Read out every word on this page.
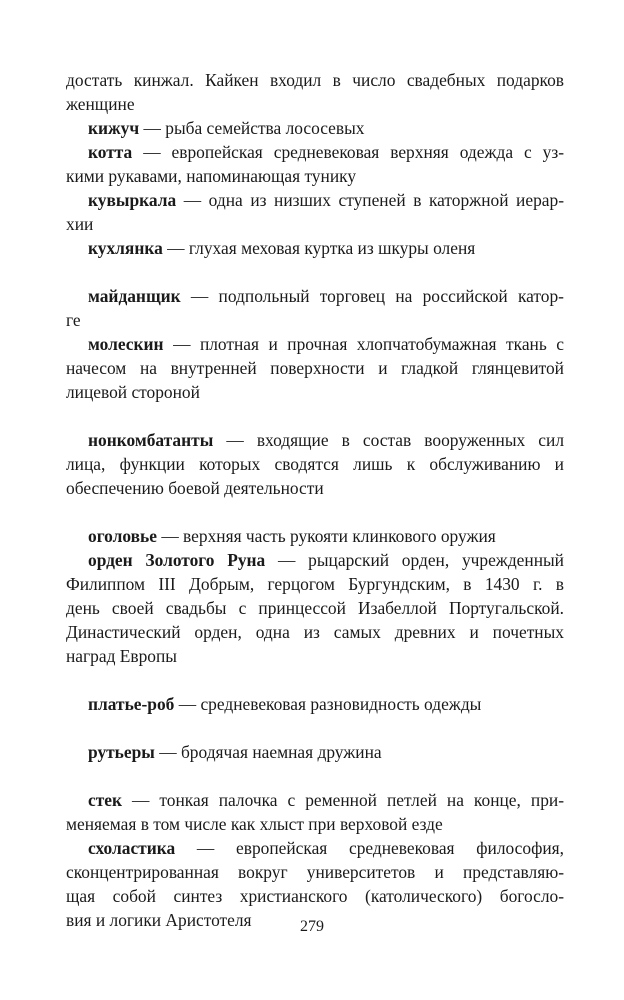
достать кинжал. Кайкен входил в число свадебных подарков
женщине
кижуч — рыба семейства лососевых
котта — европейская средневековая верхняя одежда с уз-
кими рукавами, напоминающая тунику
кувыркала — одна из низших ступеней в каторжной иерар-
хии
кухлянка — глухая меховая куртка из шкуры оленя
майданщик — подпольный торговец на российской катор-
ге
молескин — плотная и прочная хлопчатобумажная ткань с
начесом на внутренней поверхности и гладкой глянцевитой
лицевой стороной
нонкомбатанты — входящие в состав вооруженных сил
лица, функции которых сводятся лишь к обслуживанию и
обеспечению боевой деятельности
оголовье — верхняя часть рукояти клинкового оружия
орден Золотого Руна — рыцарский орден, учрежденный
Филиппом III Добрым, герцогом Бургундским, в 1430 г. в
день своей свадьбы с принцессой Изабеллой Португальской.
Династический орден, одна из самых древних и почетных
наград Европы
платье-роб — средневековая разновидность одежды
рутьеры — бродячая наемная дружина
стек — тонкая палочка с ременной петлей на конце, при-
меняемая в том числе как хлыст при верховой езде
схоластика — европейская средневековая философия,
сконцентрированная вокруг университетов и представляю-
щая собой синтез христианского (католического) богосло-
вия и логики Аристотеля	279
